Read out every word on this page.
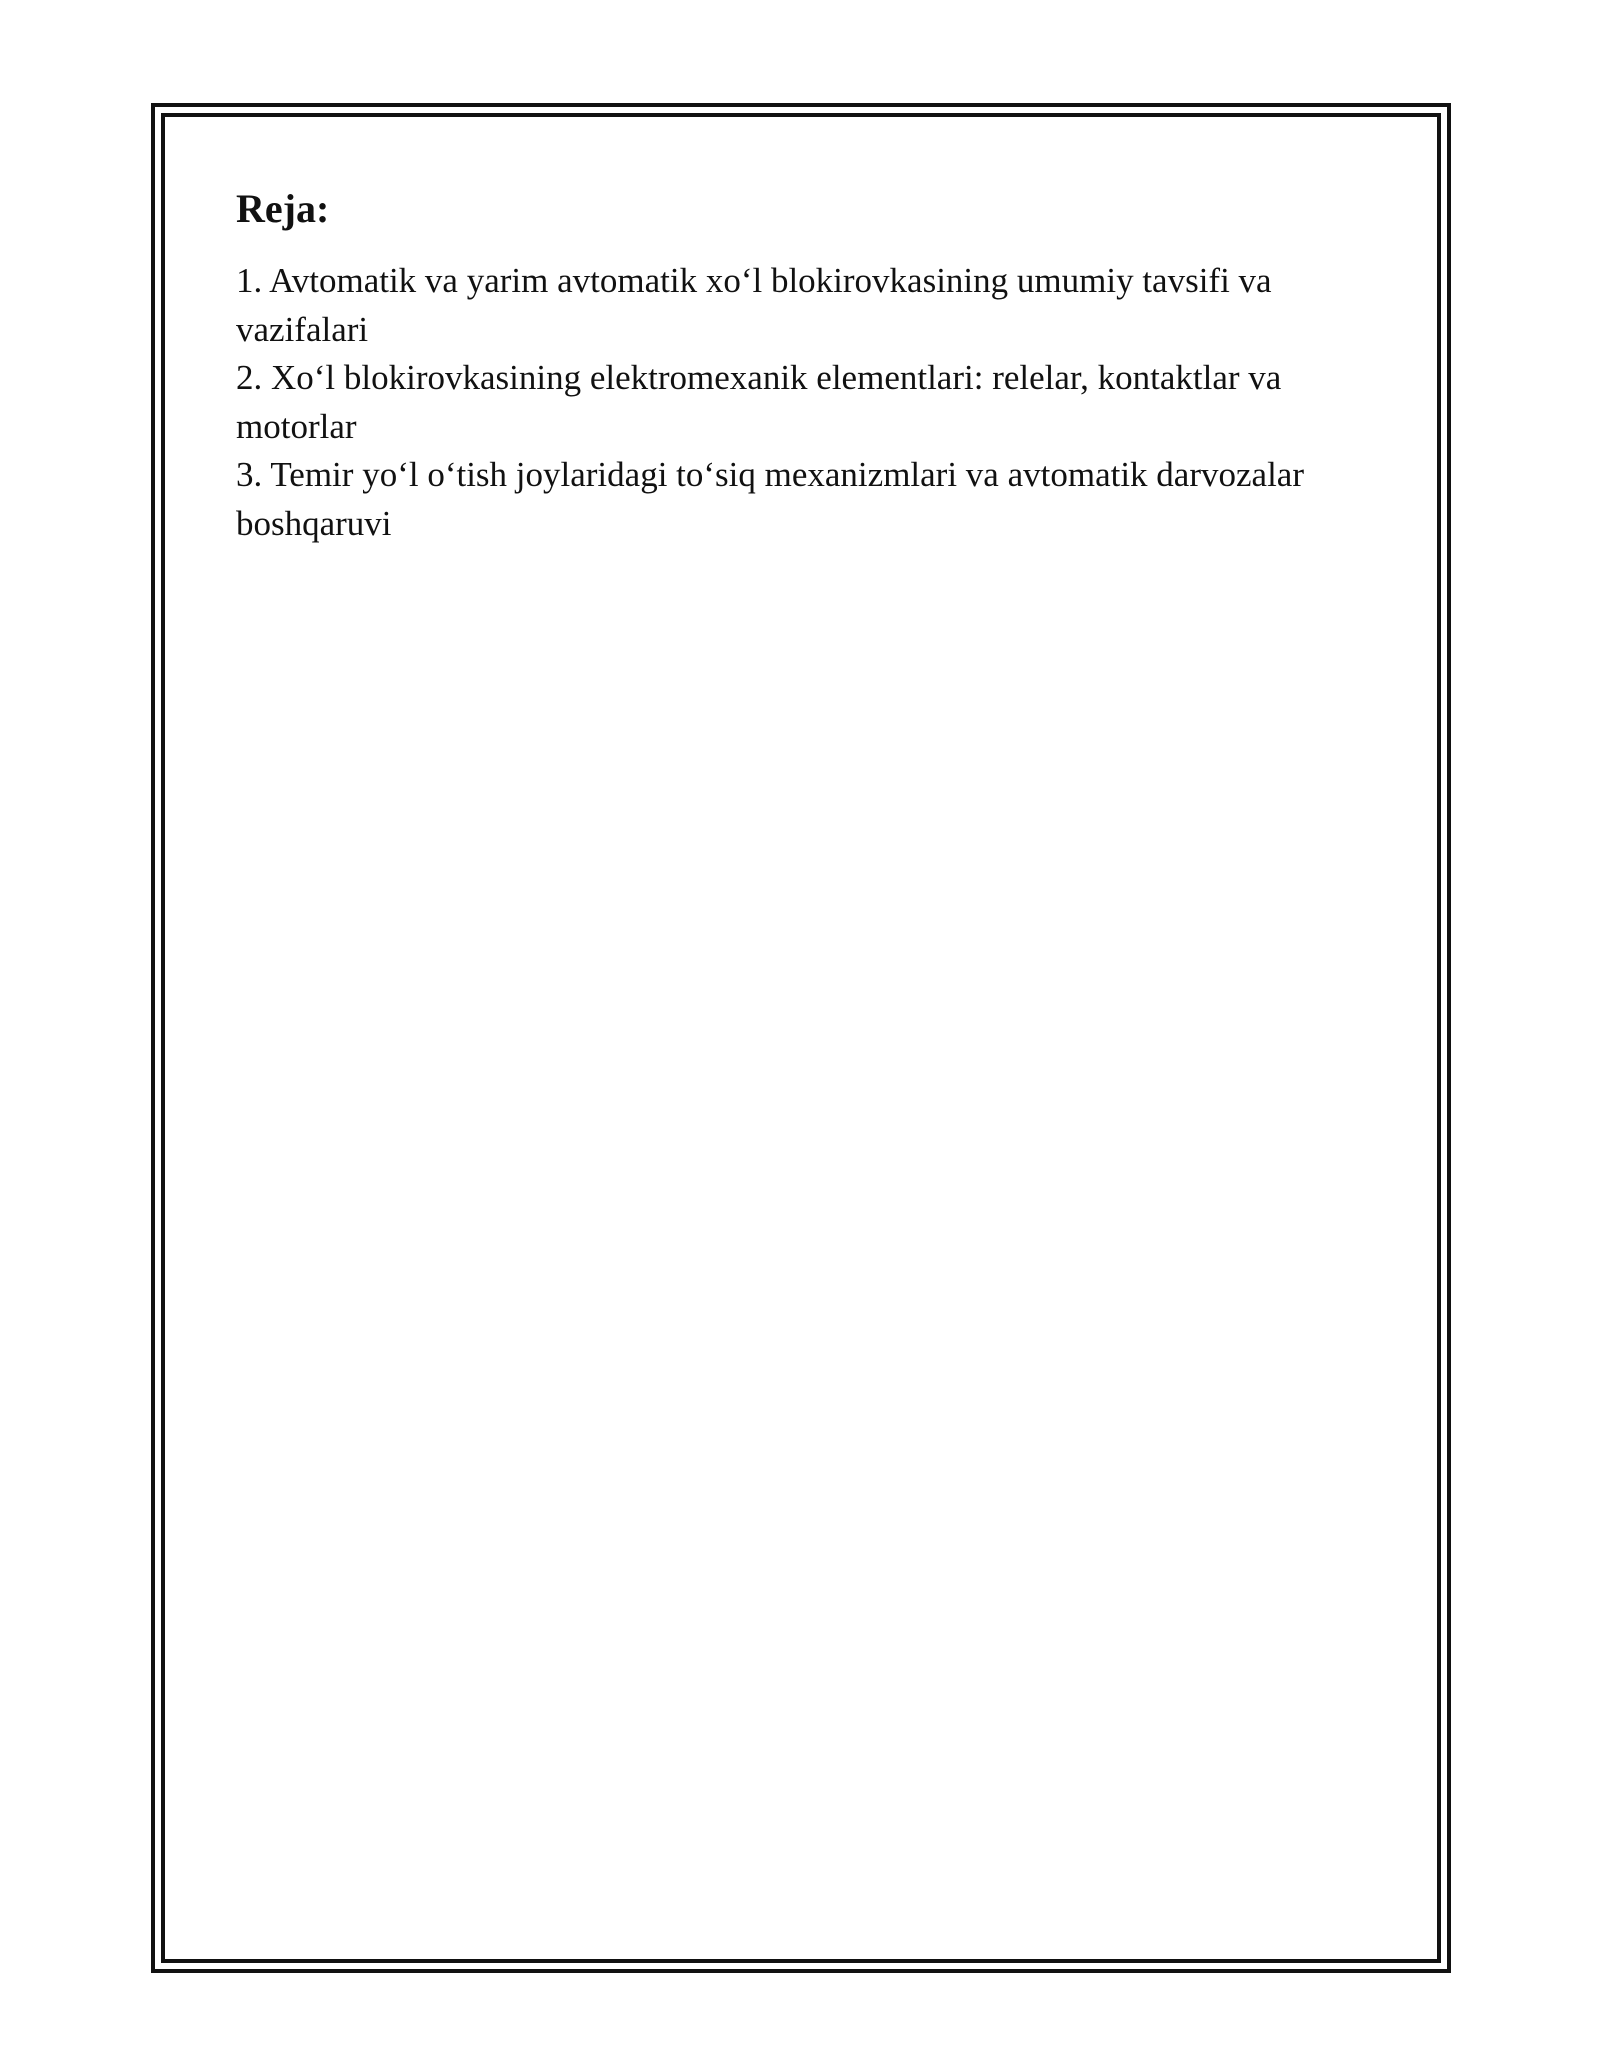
Reja:
1. Avtomatik va yarim avtomatik xo‘l blokirovkasining umumiy tavsifi va vazifalari
2. Xo‘l blokirovkasining elektromexanik elementlari: relelar, kontaktlar va motorlar
3. Temir yo‘l o‘tish joylaridagi to‘siq mexanizmlari va avtomatik darvozalar boshqaruvi
